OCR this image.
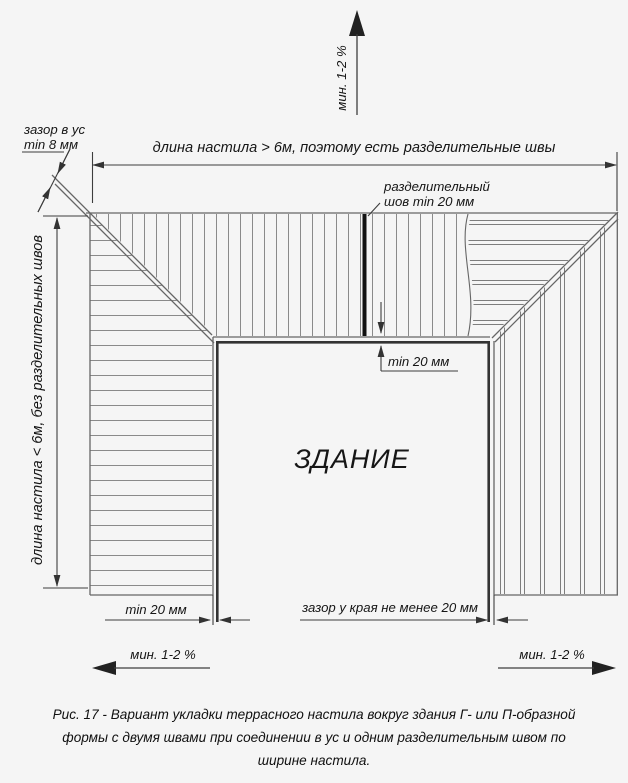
мин. 1-2 %
длина настила > 6м, поэтому есть разделительные швы
зазор в ус
min 8 мм
разделительный
шов min 20 мм
длина настила < 6м, без разделительных швов	min 20 мм
ЗДАНИЕ
min 20 мм	зазор у края не менее 20 мм
мин. 1-2 %	мин. 1-2 %
Рис. 17 - Вариант укладки террасного настила вокруг здания Г- или П-образной
формы с двумя швами при соединении в ус и одним разделительным швом по
ширине настила.
